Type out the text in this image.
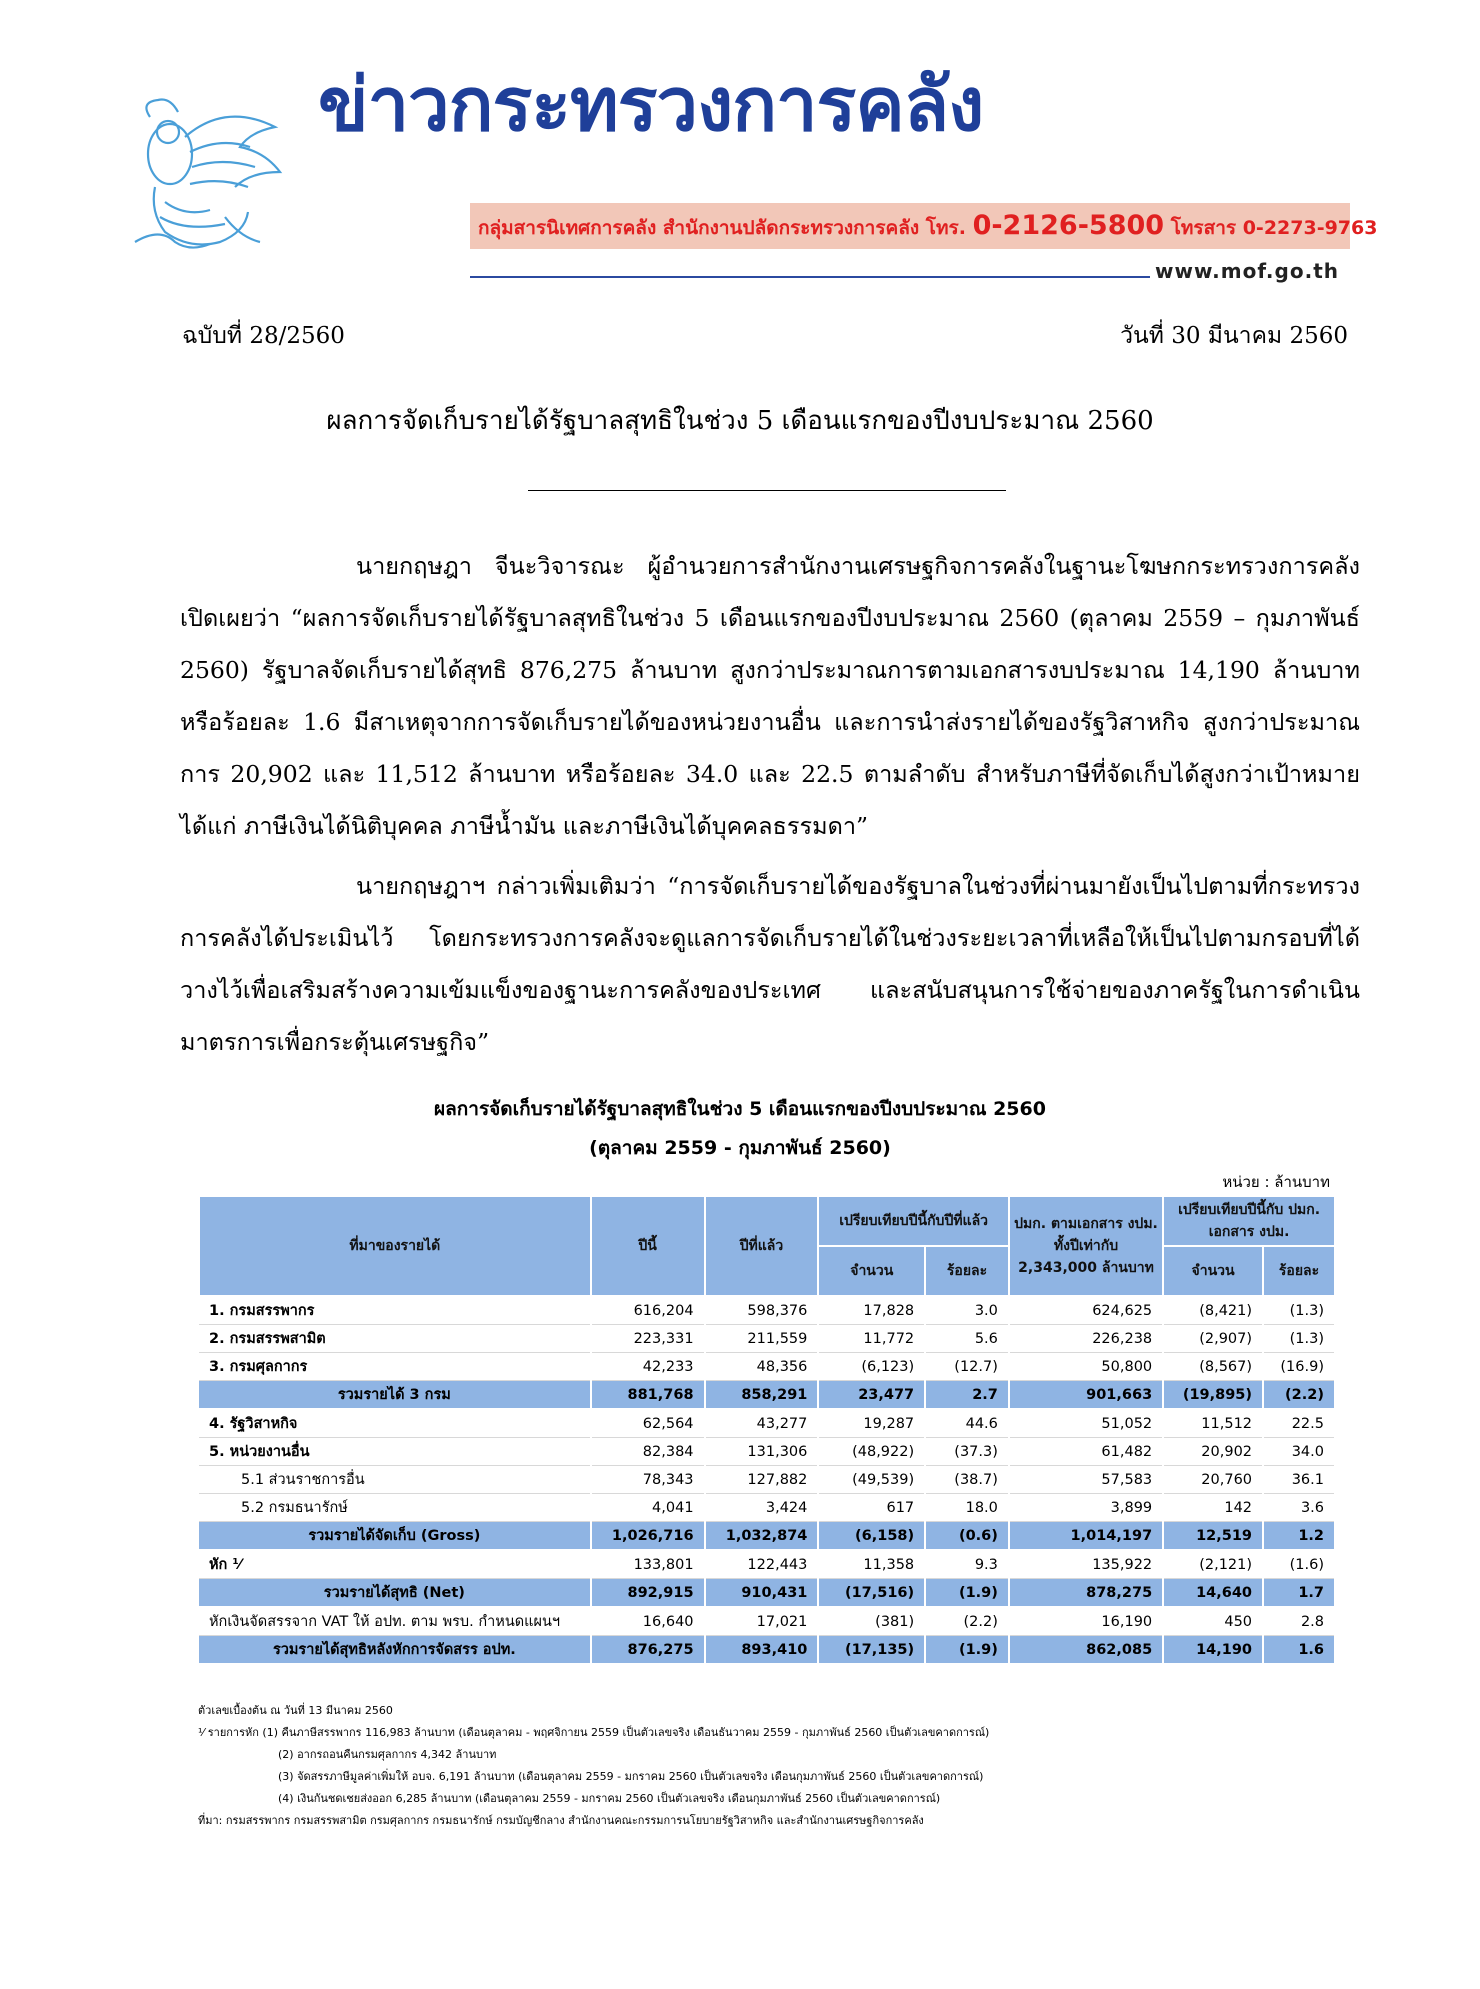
ข่าวกระทรวงการคลัง
กลุ่มสารนิเทศการคลัง สำนักงานปลัดกระทรวงการคลัง โทร. 0-2126-5800 โทรสาร 0-2273-9763
www.mof.go.th
ฉบับที่ 28/2560	วันที่ 30 มีนาคม 2560
ผลการจัดเก็บรายได้รัฐบาลสุทธิในช่วง 5 เดือนแรกของปีงบประมาณ 2560
นายกฤษฎา จีนะวิจารณะ ผู้อำนวยการสำนักงานเศรษฐกิจการคลังในฐานะโฆษกกระทรวงการคลังเปิดเผยว่า “ผลการจัดเก็บรายได้รัฐบาลสุทธิในช่วง 5 เดือนแรกของปีงบประมาณ 2560 (ตุลาคม 2559 – กุมภาพันธ์ 2560) รัฐบาลจัดเก็บรายได้สุทธิ 876,275 ล้านบาท สูงกว่าประมาณการตามเอกสารงบประมาณ 14,190 ล้านบาท หรือร้อยละ 1.6 มีสาเหตุจากการจัดเก็บรายได้ของหน่วยงานอื่น และการนำส่งรายได้ของรัฐวิสาหกิจ สูงกว่าประมาณการ 20,902 และ 11,512 ล้านบาท หรือร้อยละ 34.0 และ 22.5 ตามลำดับ สำหรับภาษีที่จัดเก็บได้สูงกว่าเป้าหมาย ได้แก่ ภาษีเงินได้นิติบุคคล ภาษีน้ำมัน และภาษีเงินได้บุคคลธรรมดา”
นายกฤษฎาฯ กล่าวเพิ่มเติมว่า “การจัดเก็บรายได้ของรัฐบาลในช่วงที่ผ่านมายังเป็นไปตามที่กระทรวงการคลังได้ประเมินไว้ โดยกระทรวงการคลังจะดูแลการจัดเก็บรายได้ในช่วงระยะเวลาที่เหลือให้เป็นไปตามกรอบที่ได้วางไว้เพื่อเสริมสร้างความเข้มแข็งของฐานะการคลังของประเทศ และสนับสนุนการใช้จ่ายของภาครัฐในการดำเนินมาตรการเพื่อกระตุ้นเศรษฐกิจ”
ผลการจัดเก็บรายได้รัฐบาลสุทธิในช่วง 5 เดือนแรกของปีงบประมาณ 2560
(ตุลาคม 2559 - กุมภาพันธ์ 2560)
หน่วย : ล้านบาท
ที่มาของรายได้	ปีนี้	ปีที่แล้ว	เปรียบเทียบปีนี้กับปีที่แล้ว		ปมก. ตามเอกสาร งปม. ทั้งปีเท่ากับ 2,343,000 ล้านบาท	เปรียบเทียบปีนี้กับ ปมก. เอกสาร งปม.	
			จำนวน	ร้อยละ		จำนวน	ร้อยละ
1. กรมสรรพากร	616,204	598,376	17,828	3.0	624,625	(8,421)	(1.3)
2. กรมสรรพสามิต	223,331	211,559	11,772	5.6	226,238	(2,907)	(1.3)
3. กรมศุลกากร	42,233	48,356	(6,123)	(12.7)	50,800	(8,567)	(16.9)
รวมรายได้ 3 กรม	881,768	858,291	23,477	2.7	901,663	(19,895)	(2.2)
4. รัฐวิสาหกิจ	62,564	43,277	19,287	44.6	51,052	11,512	22.5
5. หน่วยงานอื่น	82,384	131,306	(48,922)	(37.3)	61,482	20,902	34.0
5.1 ส่วนราชการอื่น	78,343	127,882	(49,539)	(38.7)	57,583	20,760	36.1
5.2 กรมธนารักษ์	4,041	3,424	617	18.0	3,899	142	3.6
รวมรายได้จัดเก็บ (Gross)	1,026,716	1,032,874	(6,158)	(0.6)	1,014,197	12,519	1.2
หัก ¹⁄	133,801	122,443	11,358	9.3	135,922	(2,121)	(1.6)
รวมรายได้สุทธิ (Net)	892,915	910,431	(17,516)	(1.9)	878,275	14,640	1.7
หักเงินจัดสรรจาก VAT ให้ อปท. ตาม พรบ. กำหนดแผนฯ	16,640	17,021	(381)	(2.2)	16,190	450	2.8
รวมรายได้สุทธิหลังหักการจัดสรร อปท.	876,275	893,410	(17,135)	(1.9)	862,085	14,190	1.6
ตัวเลขเบื้องต้น ณ วันที่ 13 มีนาคม 2560
¹⁄ รายการหัก (1) คืนภาษีสรรพากร 116,983 ล้านบาท (เดือนตุลาคม - พฤศจิกายน 2559 เป็นตัวเลขจริง เดือนธันวาคม 2559 - กุมภาพันธ์ 2560 เป็นตัวเลขคาดการณ์)
(2) อากรถอนคืนกรมศุลกากร 4,342 ล้านบาท
(3) จัดสรรภาษีมูลค่าเพิ่มให้ อบจ. 6,191 ล้านบาท (เดือนตุลาคม 2559 - มกราคม 2560 เป็นตัวเลขจริง เดือนกุมภาพันธ์ 2560 เป็นตัวเลขคาดการณ์)
(4) เงินกันชดเชยส่งออก 6,285 ล้านบาท (เดือนตุลาคม 2559 - มกราคม 2560 เป็นตัวเลขจริง เดือนกุมภาพันธ์ 2560 เป็นตัวเลขคาดการณ์)
ที่มา: กรมสรรพากร กรมสรรพสามิต กรมศุลกากร กรมธนารักษ์ กรมบัญชีกลาง สำนักงานคณะกรรมการนโยบายรัฐวิสาหกิจ และสำนักงานเศรษฐกิจการคลัง
